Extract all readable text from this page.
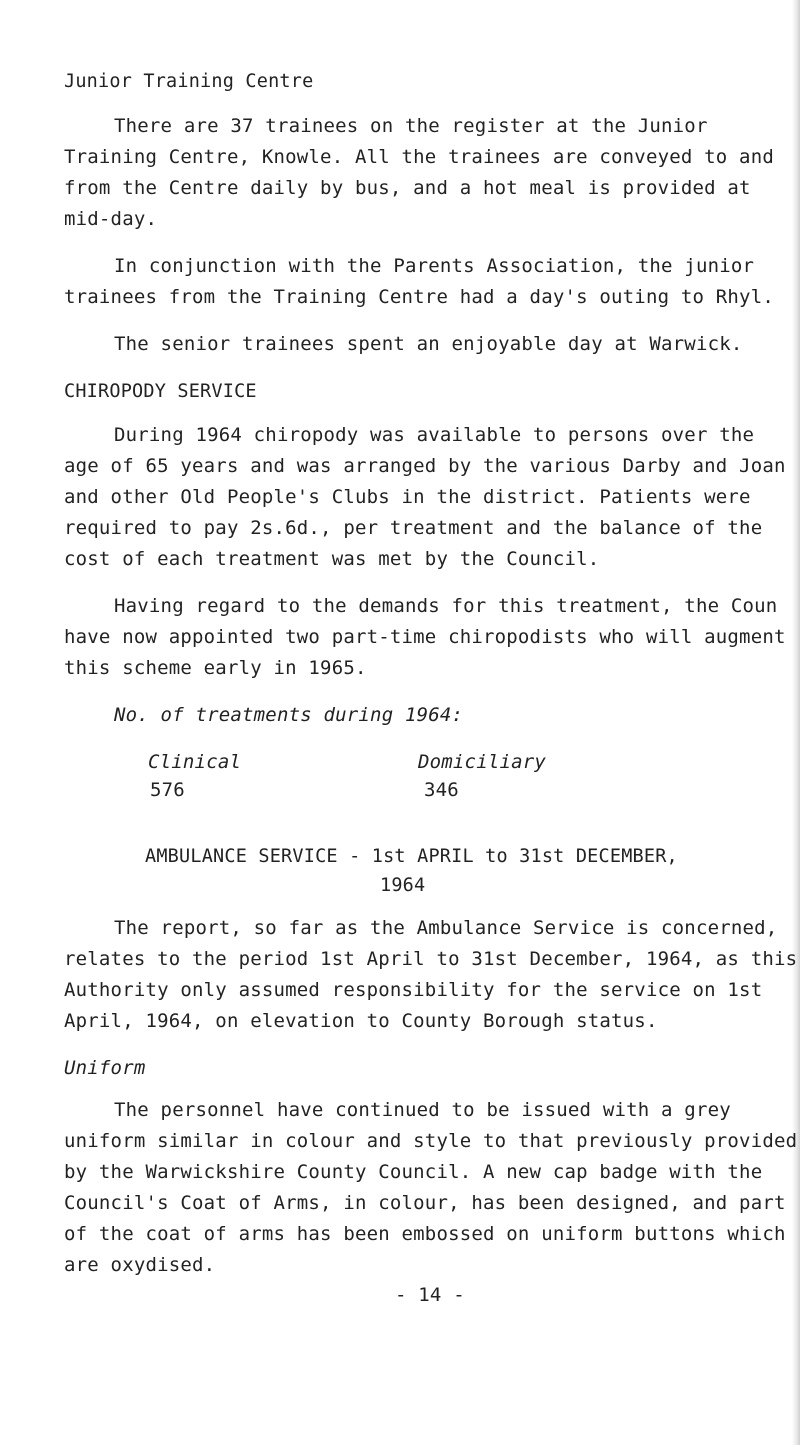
Junior Training Centre
There are 37 trainees on the register at the Junior
Training Centre, Knowle. All the trainees are conveyed to and
from the Centre daily by bus, and a hot meal is provided at
mid-day.
In conjunction with the Parents Association, the junior
trainees from the Training Centre had a day's outing to Rhyl.
The senior trainees spent an enjoyable day at Warwick.
CHIROPODY SERVICE
During 1964 chiropody was available to persons over the
age of 65 years and was arranged by the various Darby and Joan
and other Old People's Clubs in the district. Patients were
required to pay 2s.6d., per treatment and the balance of the
cost of each treatment was met by the Council.
Having regard to the demands for this treatment, the Coun
have now appointed two part-time chiropodists who will augment
this scheme early in 1965.
No. of treatments during 1964:
Clinical	Domiciliary
576	346
AMBULANCE SERVICE - 1st APRIL to 31st DECEMBER,
1964
The report, so far as the Ambulance Service is concerned,
relates to the period 1st April to 31st December, 1964, as this
Authority only assumed responsibility for the service on 1st
April, 1964, on elevation to County Borough status.
Uniform
The personnel have continued to be issued with a grey
uniform similar in colour and style to that previously provided
by the Warwickshire County Council. A new cap badge with the
Council's Coat of Arms, in colour, has been designed, and part
of the coat of arms has been embossed on uniform buttons which
are oxydised.
- 14 -
